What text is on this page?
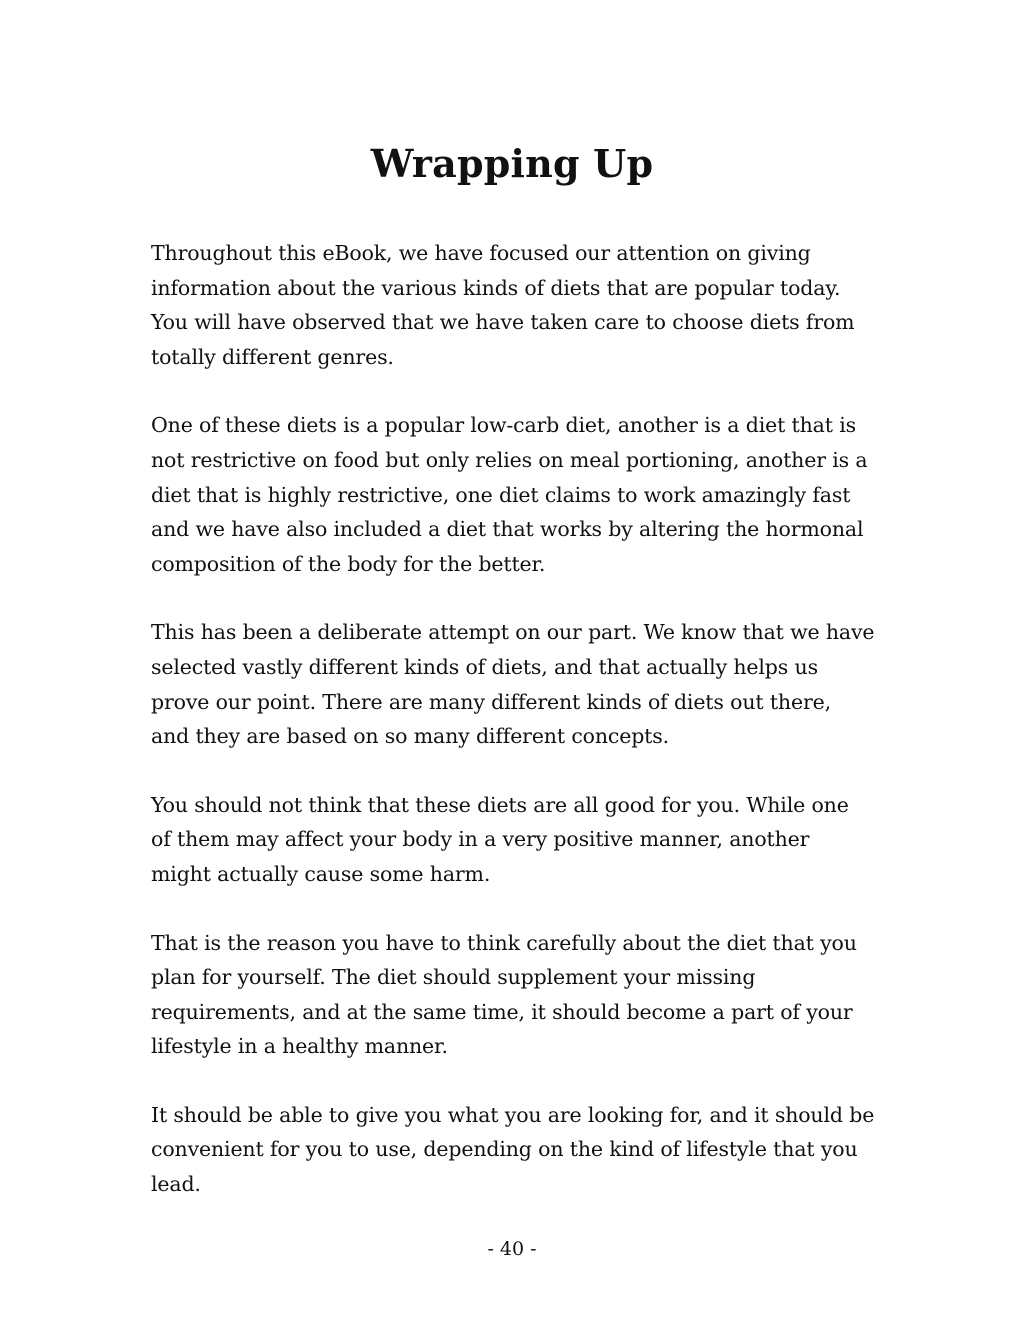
Wrapping Up

Throughout this eBook, we have focused our attention on giving
information about the various kinds of diets that are popular today.
You will have observed that we have taken care to choose diets from
totally different genres.

One of these diets is a popular low-carb diet, another is a diet that is
not restrictive on food but only relies on meal portioning, another is a
diet that is highly restrictive, one diet claims to work amazingly fast
and we have also included a diet that works by altering the hormonal
composition of the body for the better.

This has been a deliberate attempt on our part. We know that we have
selected vastly different kinds of diets, and that actually helps us
prove our point. There are many different kinds of diets out there,
and they are based on so many different concepts.

You should not think that these diets are all good for you. While one
of them may affect your body in a very positive manner, another
might actually cause some harm.

That is the reason you have to think carefully about the diet that you
plan for yourself. The diet should supplement your missing
requirements, and at the same time, it should become a part of your
lifestyle in a healthy manner.

It should be able to give you what you are looking for, and it should be
convenient for you to use, depending on the kind of lifestyle that you
lead.

- 40 -
